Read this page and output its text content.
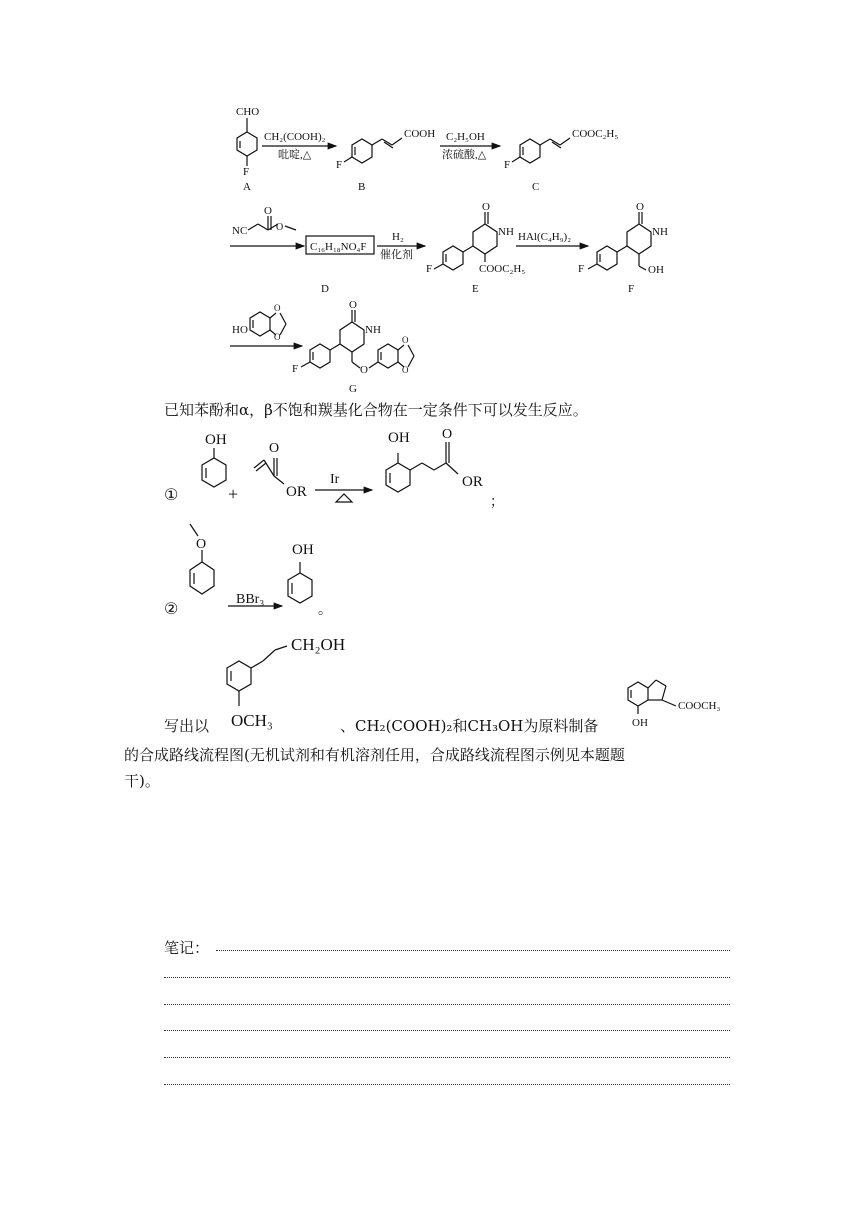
CHO
F
A
CH₂(COOH)₂
吡啶,△
COOH
F
B
C₂H₅OH
浓硫酸,△
COOC₂H₅
F
C
NC
O
O
C₁₆H₁₈NO₄F
D
H₂
催化剂
O
NH
COOC₂H₅
F
E
HAl(C₄H₉)₂
O
NH
OH
F
F
HO
O
O
F
O
NH
O
O
O
G
已知苯酚和α，β不饱和羰基化合物在一定条件下可以发生反应。
①
OH
+
O
OR
Ir
OH O
OR
；
②
O
BBr₃
OH
。
CH₂OH
OCH₃
写出以	、CH₂(COOH)₂和CH₃OH为原料制备
COOCH₃
OH
的合成路线流程图(无机试剂和有机溶剂任用，合成路线流程图示例见本题题
干)。
笔记：
